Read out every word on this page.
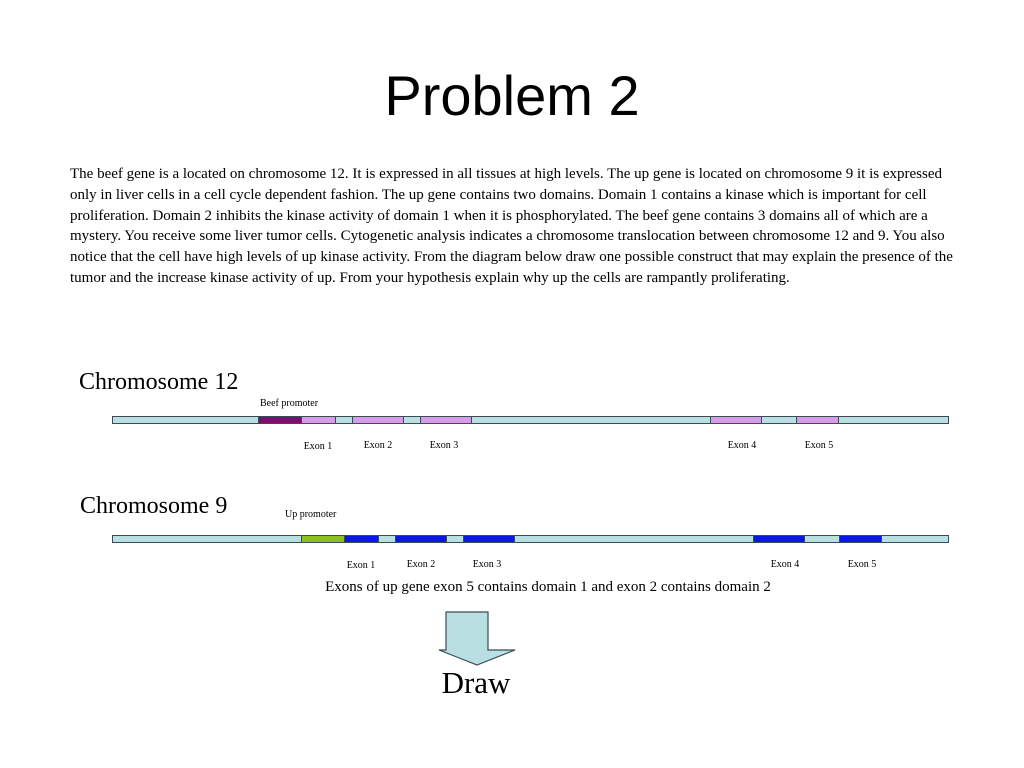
Problem 2

The beef gene is a located on chromosome 12. It is expressed in all tissues at high levels. The up gene is located on chromosome 9 it is expressed only in liver cells in a cell cycle dependent fashion. The up gene contains two domains. Domain 1 contains a kinase which is important for cell proliferation. Domain 2 inhibits the kinase activity of domain 1 when it is phosphorylated. The beef gene contains 3 domains all of which are a mystery. You receive some liver tumor cells. Cytogenetic analysis indicates a chromosome translocation between chromosome 12 and 9. You also notice that the cell have high levels of up kinase activity. From the diagram below draw one possible construct that may explain the presence of the tumor and the increase kinase activity of up. From your hypothesis explain why up the cells are rampantly proliferating.

Chromosome 12
Beef promoter
Exon 1	Exon 2	Exon 3	Exon 4	Exon 5
Chromosome 9	Up promoter
Exon 1	Exon 2	Exon 3	Exon 4	Exon 5
Exons of up gene exon 5 contains domain 1 and exon 2 contains domain 2
Draw
